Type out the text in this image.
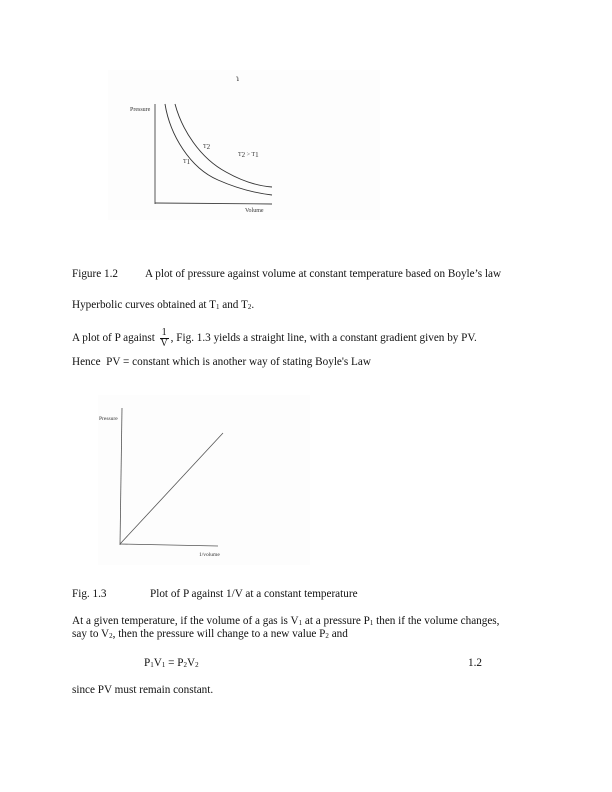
ɿ
Pressure
Volume
$T_2$
$T_1$
$T_2 > T_1$
Figure 1.2 A plot of pressure against volume at constant temperature based on Boyle’s law
Hyperbolic curves obtained at $T_1$ and $T_2$.
A plot of P against $\frac{1}{V}$ , Fig. 1.3 yields a straight line, with a constant gradient given by PV.
Hence  PV = constant which is another way of stating Boyle's Law
Pressure
1/volume
Fig. 1.3	Plot of P against 1/V at a constant temperature
At a given temperature, if the volume of a gas is $V_1$ at a pressure $P_1$ then if the volume changes,
say to $V_2$, then the pressure will change to a new value $P_2$ and
$P_1V_1 = P_2V_2$	1.2
since PV must remain constant.
